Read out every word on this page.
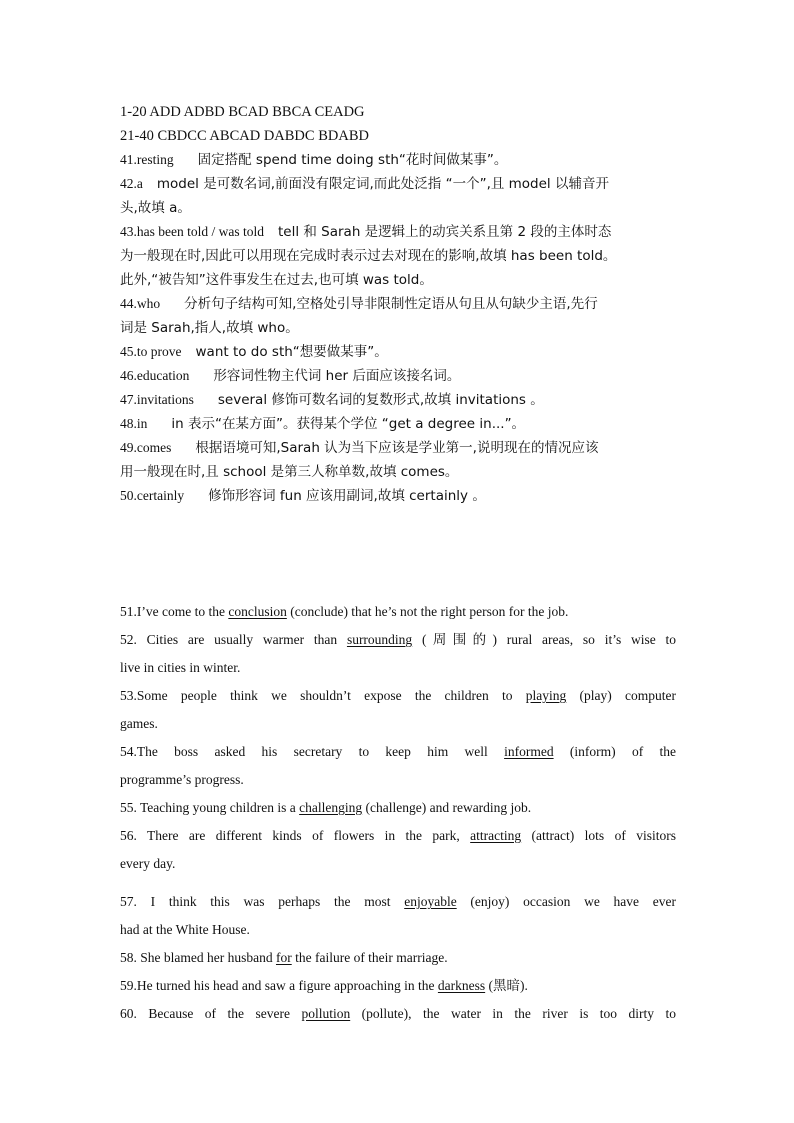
1-20 ADD ADBD BCAD BBCA CEADG
21-40 CBDCC ABCAD DABDC BDABD
41.resting 固定搭配 spend time doing sth“花时间做某事”。
42.a model 是可数名词,前面没有限定词,而此处泛指 “一个”,且 model 以辅音开
头,故填 a。
43.has been told / was told tell 和 Sarah 是逻辑上的动宾关系且第 2 段的主体时态
为一般现在时,因此可以用现在完成时表示过去对现在的影响,故填 has been told。
此外,“被告知”这件事发生在过去,也可填 was told。
44.who 分析句子结构可知,空格处引导非限制性定语从句且从句缺少主语,先行
词是 Sarah,指人,故填 who。
45.to prove want to do sth“想要做某事”。
46.education 形容词性物主代词 her 后面应该接名词。
47.invitations several 修饰可数名词的复数形式,故填 invitations 。
48.in in 表示“在某方面”。获得某个学位 “get a degree in...”。
49.comes 根据语境可知,Sarah 认为当下应该是学业第一,说明现在的情况应该
用一般现在时,且 school 是第三人称单数,故填 comes。
50.certainly 修饰形容词 fun 应该用副词,故填 certainly 。
51.I’ve come to the conclusion (conclude) that he’s not the right person for the job.
52. Cities are usually warmer than surrounding (周围的) rural areas, so it’s wise to
live in cities in winter.
53.Some people think we shouldn’t expose the children to playing (play) computer
games.
54.The boss asked his secretary to keep him well informed (inform) of the
programme’s progress.
55. Teaching young children is a challenging (challenge) and rewarding job.
56. There are different kinds of flowers in the park, attracting (attract) lots of visitors
every day.
57. I think this was perhaps the most enjoyable (enjoy) occasion we have ever
had at the White House.
58. She blamed her husband for the failure of their marriage.
59.He turned his head and saw a figure approaching in the darkness (黑暗).
60. Because of the severe pollution (pollute), the water in the river is too dirty to
